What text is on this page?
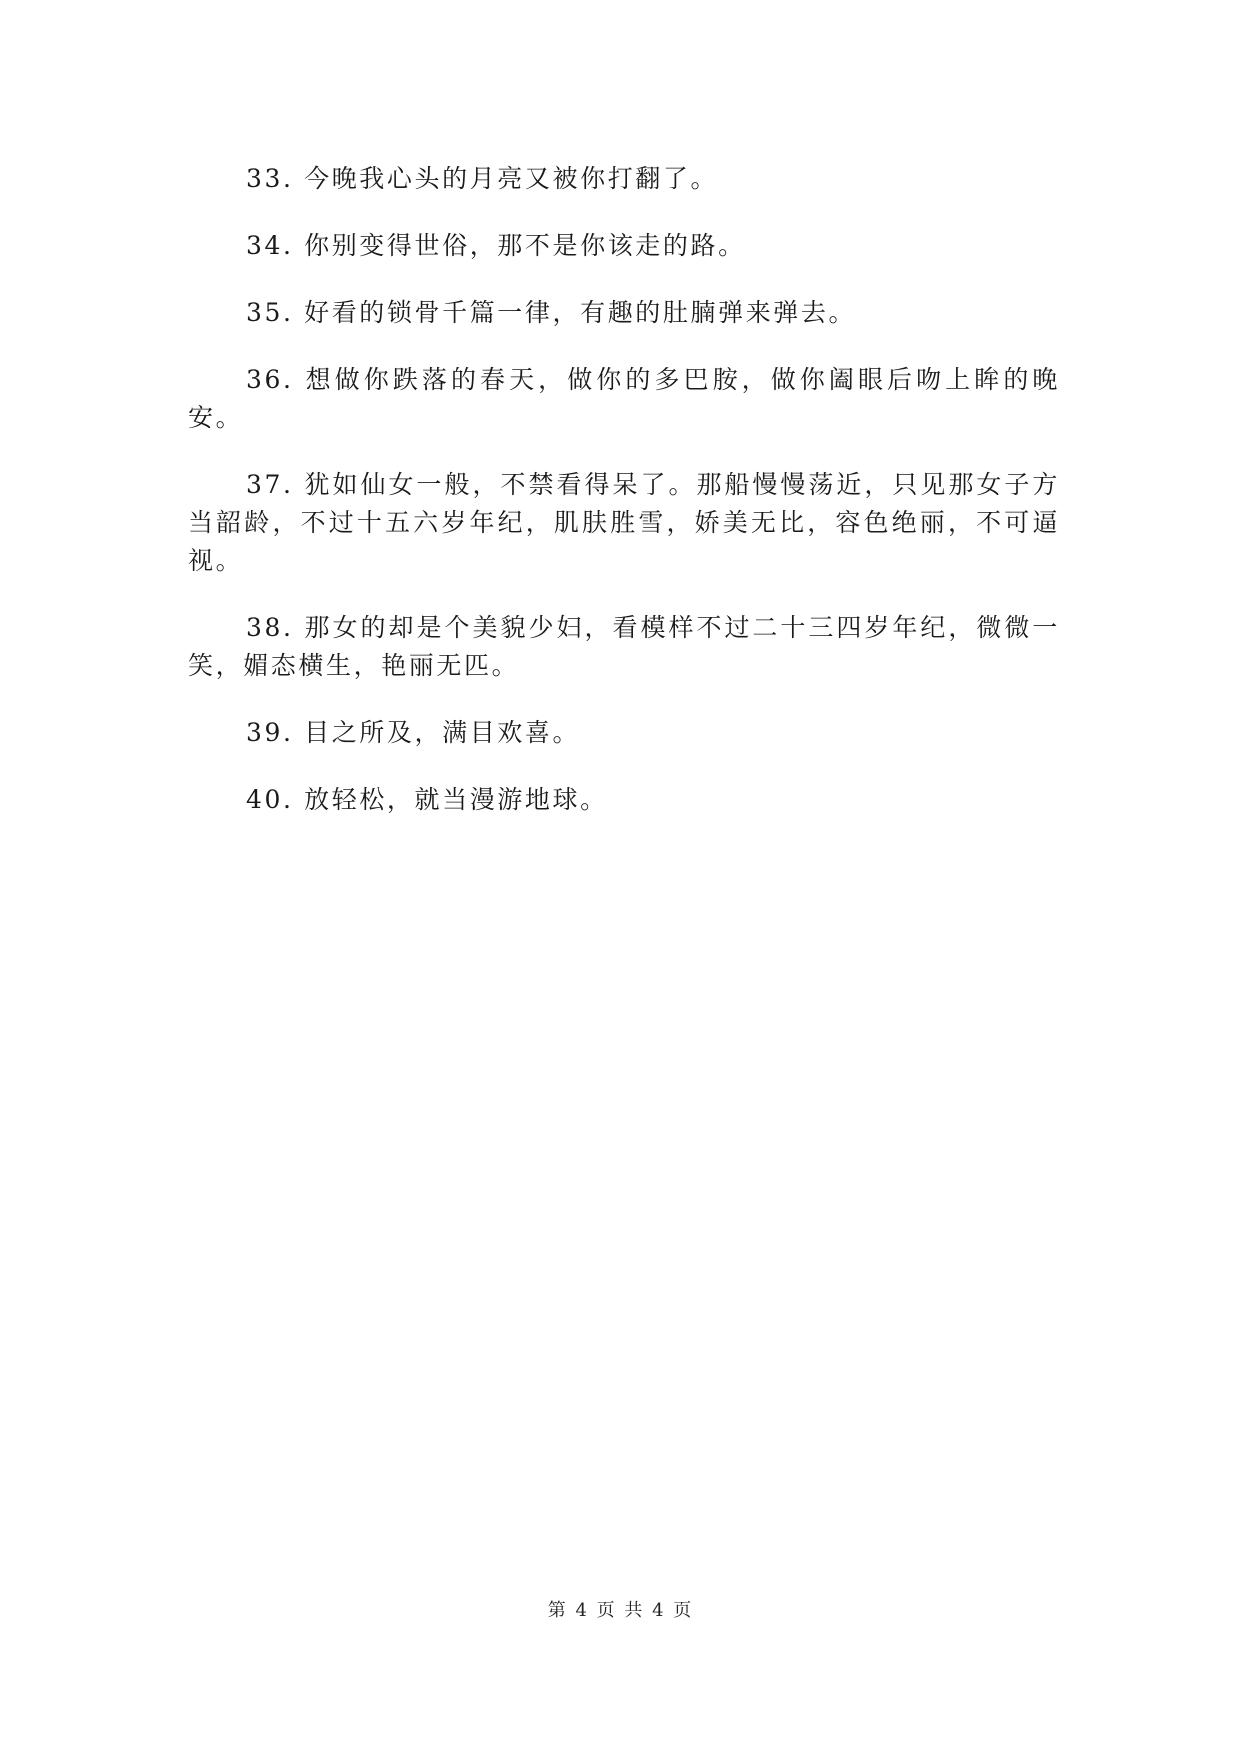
33. 今晚我心头的月亮又被你打翻了。

34. 你别变得世俗，那不是你该走的路。

35. 好看的锁骨千篇一律，有趣的肚腩弹来弹去。

36. 想做你跌落的春天，做你的多巴胺，做你阖眼后吻上眸的晚安。

37. 犹如仙女一般，不禁看得呆了。那船慢慢荡近，只见那女子方当韶龄，不过十五六岁年纪，肌肤胜雪，娇美无比，容色绝丽，不可逼视。

38. 那女的却是个美貌少妇，看模样不过二十三四岁年纪，微微一笑，媚态横生，艳丽无匹。

39. 目之所及，满目欢喜。

40. 放轻松，就当漫游地球。

第 4 页 共 4 页
